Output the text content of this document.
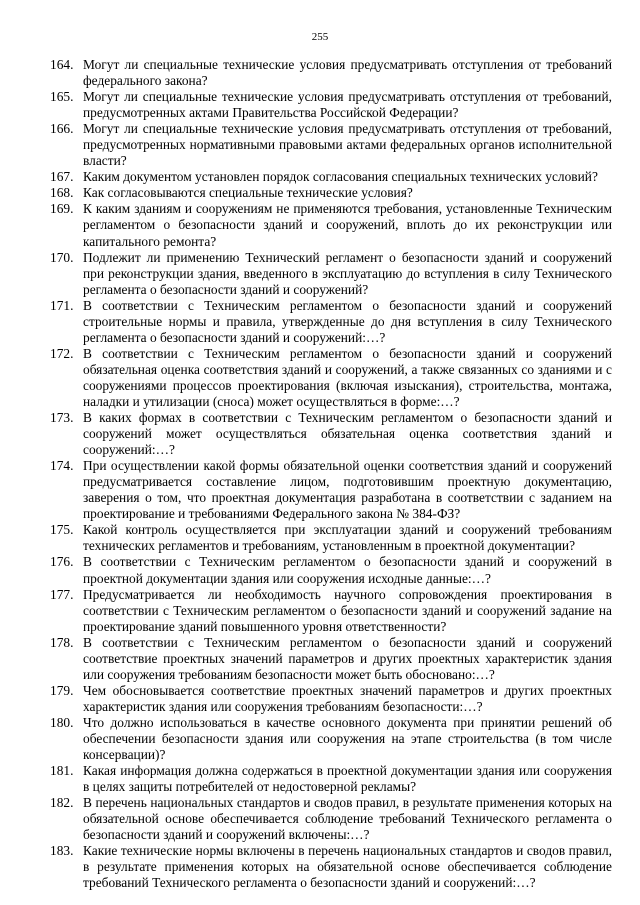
255
164. Могут ли специальные технические условия предусматривать отступления от требований федерального закона?
165. Могут ли специальные технические условия предусматривать отступления от требований, предусмотренных актами Правительства Российской Федерации?
166. Могут ли специальные технические условия предусматривать отступления от требований, предусмотренных нормативными правовыми актами федеральных органов исполнительной власти?
167. Каким документом установлен порядок согласования специальных технических условий?
168. Как согласовываются специальные технические условия?
169. К каким зданиям и сооружениям не применяются требования, установленные Техническим регламентом о безопасности зданий и сооружений, вплоть до их реконструкции или капитального ремонта?
170. Подлежит ли применению Технический регламент о безопасности зданий и сооружений при реконструкции здания, введенного в эксплуатацию до вступления в силу Технического регламента о безопасности зданий и сооружений?
171. В соответствии с Техническим регламентом о безопасности зданий и сооружений строительные нормы и правила, утвержденные до дня вступления в силу Технического регламента о безопасности зданий и сооружений:…?
172. В соответствии с Техническим регламентом о безопасности зданий и сооружений обязательная оценка соответствия зданий и сооружений, а также связанных со зданиями и с сооружениями процессов проектирования (включая изыскания), строительства, монтажа, наладки и утилизации (сноса) может осуществляться в форме:…?
173. В каких формах в соответствии с Техническим регламентом о безопасности зданий и сооружений может осуществляться обязательная оценка соответствия зданий и сооружений:…?
174. При осуществлении какой формы обязательной оценки соответствия зданий и сооружений предусматривается составление лицом, подготовившим проектную документацию, заверения о том, что проектная документация разработана в соответствии с заданием на проектирование и требованиями Федерального закона № 384-ФЗ?
175. Какой контроль осуществляется при эксплуатации зданий и сооружений требованиям технических регламентов и требованиям, установленным в проектной документации?
176. В соответствии с Техническим регламентом о безопасности зданий и сооружений в проектной документации здания или сооружения исходные данные:…?
177. Предусматривается ли необходимость научного сопровождения проектирования в соответствии с Техническим регламентом о безопасности зданий и сооружений задание на проектирование зданий повышенного уровня ответственности?
178. В соответствии с Техническим регламентом о безопасности зданий и сооружений соответствие проектных значений параметров и других проектных характеристик здания или сооружения требованиям безопасности может быть обосновано:…?
179. Чем обосновывается соответствие проектных значений параметров и других проектных характеристик здания или сооружения требованиям безопасности:…?
180. Что должно использоваться в качестве основного документа при принятии решений об обеспечении безопасности здания или сооружения на этапе строительства (в том числе консервации)?
181. Какая информация должна содержаться в проектной документации здания или сооружения в целях защиты потребителей от недостоверной рекламы?
182. В перечень национальных стандартов и сводов правил, в результате применения которых на обязательной основе обеспечивается соблюдение требований Технического регламента о безопасности зданий и сооружений включены:…?
183. Какие технические нормы включены в перечень национальных стандартов и сводов правил, в результате применения которых на обязательной основе обеспечивается соблюдение требований Технического регламента о безопасности зданий и сооружений:…?
